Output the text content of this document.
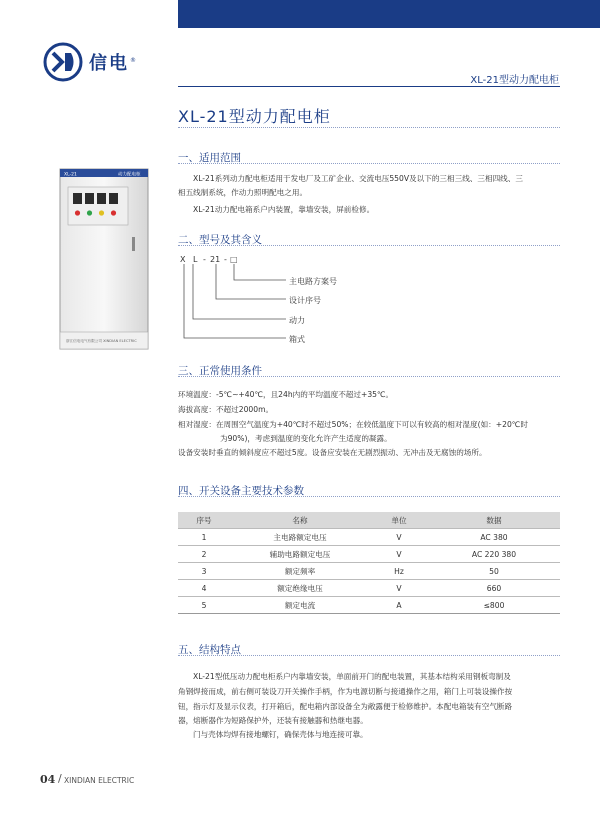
信电®
XL-21型动力配电柜
XL-21型动力配电柜
XL-21	动力配电柜
浙江信电电气有限公司 XINDIAN ELECTRIC
一、适用范围
XL-21系列动力配电柜适用于发电厂及工矿企业、交流电压550V及以下的三相三线、三相四线、三
相五线制系统，作动力照明配电之用。
XL-21动力配电箱系户内装置，靠墙安装，屏前检修。
二、型号及其含义
X L - 21 - □
主电路方案号
设计序号
动力
箱式
三、正常使用条件
环境温度：-5℃~+40℃，且24h内的平均温度不超过+35℃。
海拔高度：不超过2000m。
相对湿度：在周围空气温度为+40℃时不超过50%；在较低温度下可以有较高的相对湿度(如：+20℃时
为90%)，考虑到温度的变化允许产生适度的凝露。
设备安装时垂直的倾斜度应不超过5度。设备应安装在无剧烈振动、无冲击及无腐蚀的场所。
四、开关设备主要技术参数
序号	名称	单位	数据
1	主电路额定电压	V	AC 380
2	辅助电路额定电压	V	AC 220 380
3	额定频率	Hz	50
4	额定绝缘电压	V	660
5	额定电流	A	≤800
五、结构特点
XL-21型低压动力配电柜系户内靠墙安装，单面前开门的配电装置，其基本结构采用钢板弯制及
角钢焊接而成，前右侧可装设刀开关操作手柄，作为电源切断与接通操作之用，箱门上可装设操作按
钮，指示灯及显示仪表，打开箱后，配电箱内部设备全为敞露便于检修维护。本配电箱装有空气断路
器，熔断器作为短路保护外，还装有接触器和热继电器。
门与壳体均焊有接地螺钉，确保壳体与地连接可靠。
04 / XINDIAN ELECTRIC
